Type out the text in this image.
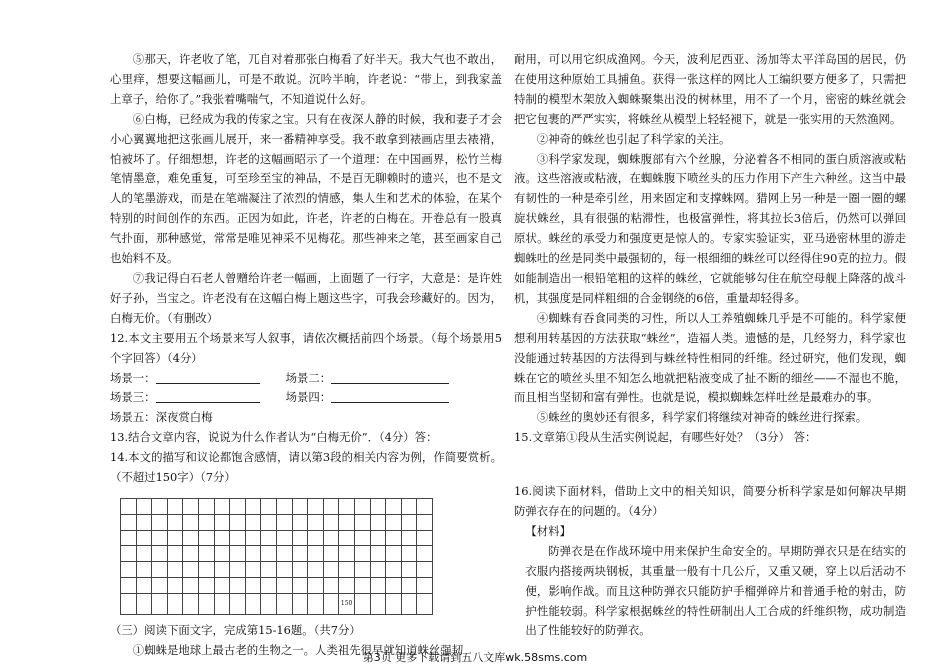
⑤那天，许老收了笔，兀自对着那张白梅看了好半天。我大气也不敢出，心里痒，想要这幅画儿，可是不敢说。沉吟半晌，许老说：“带上，到我家盖上章子，给你了。”我张着嘴喘气，不知道说什么好。

⑥白梅，已经成为我的传家之宝。只有在夜深人静的时候，我和妻子才会小心翼翼地把这张画儿展开，来一番精神享受。我不敢拿到裱画店里去裱褙，怕被坏了。仔细想想，许老的这幅画昭示了一个道理：在中国画界，松竹兰梅笔情墨意，难免重复，可至珍至宝的神品，不是百无聊赖时的遗兴，也不是文人的笔墨游戏，而是在笔端凝注了浓烈的情感，集人生和艺术的体验，在某个特别的时间创作的东西。正因为如此，许老，许老的白梅在。开卷总有一股真气扑面，那种感觉，常常是唯见神采不见梅花。那些神来之笔，甚至画家自己也始料不及。

⑦我记得白石老人曾赠给许老一幅画，上面题了一行字，大意是：是许姓好子孙，当宝之。许老没有在这幅白梅上题这些字，可我会珍藏好的。因为，白梅无价。（有删改）

12.本文主要用五个场景来写人叙事，请依次概括前四个场景。（每个场景用5个字回答）（4分）

场景一：	场景二：
场景三：	场景四：

场景五：深夜赏白梅

13.结合文章内容，说说为什么作者认为“白梅无价”．（4分）答：

14.本文的描写和议论都饱含感情，请以第3段的相关内容为例，作简要赏析。（不超过150字）（7分）

														150					

（三）阅读下面文字，完成第15-16题。（共7分）

①蜘蛛是地球上最古老的生物之一。人类祖先很早就知道蛛丝强韧

耐用，可以用它织成渔网。今天，波利尼西亚、汤加等太平洋岛国的居民，仍在使用这种原始工具捕鱼。获得一张这样的网比人工编织要方便多了，只需把特制的模型木架放入蜘蛛聚集出没的树林里，用不了一个月，密密的蛛丝就会把它包裹的严严实实，将蛛丝从模型上轻轻褪下，就是一张实用的天然渔网。

②神奇的蛛丝也引起了科学家的关注。

③科学家发现，蜘蛛腹部有六个丝腺，分泌着各不相同的蛋白质溶液或粘液。这些溶液或粘液，在蜘蛛腹下喷丝头的压力作用下产生六种丝。这当中最有韧性的一种是牵引丝，用来固定和支撑蛛网。猎网上另一种是一圈一圈的螺旋状蛛丝，具有很强的粘滞性，也极富弹性，将其拉长3倍后，仍然可以弹回原状。蛛丝的承受力和强度更是惊人的。专家实验证实，亚马逊密林里的游走蜘蛛吐的丝是同类中最强韧的，每一根细细的蛛丝可以经得住90克的拉力。假如能制造出一根铅笔粗的这样的蛛丝，它就能够勾住在航空母舰上降落的战斗机，其强度是同样粗细的合金钢绕的6倍，重量却轻得多。

④蜘蛛有吞食同类的习性，所以人工养殖蜘蛛几乎是不可能的。科学家便想利用转基因的方法获取“蛛丝”，造福人类。遗憾的是，几经努力，科学家也没能通过转基因的方法得到与蛛丝特性相同的纤维。经过研究，他们发现，蜘蛛在它的喷丝头里不知怎么地就把粘液变成了扯不断的细丝——不湿也不脆，而且相当坚韧和富有弹性。也就是说，模拟蜘蛛怎样吐丝是最难办的事。

⑤蛛丝的奥妙还有很多，科学家们将继续对神奇的蛛丝进行探索。

15.文章第①段从生活实例说起，有哪些好处？（3分） 答：

16.阅读下面材料，借助上文中的相关知识，简要分析科学家是如何解决早期防弹衣存在的问题的。（4分）

【材料】

防弹衣是在作战环境中用来保护生命安全的。早期防弹衣只是在结实的衣服内搭接两块钢板，其重量一般有十几公斤，又重又硬，穿上以后活动不便，影响作战。而且这种防弹衣只能防护手榴弹碎片和普通手枪的射击，防护性能较弱。科学家根据蛛丝的特性研制出人工合成的纤维织物，成功制造出了性能较好的防弹衣。

第3页 更多下载请到五八文库wk.58sms.com
